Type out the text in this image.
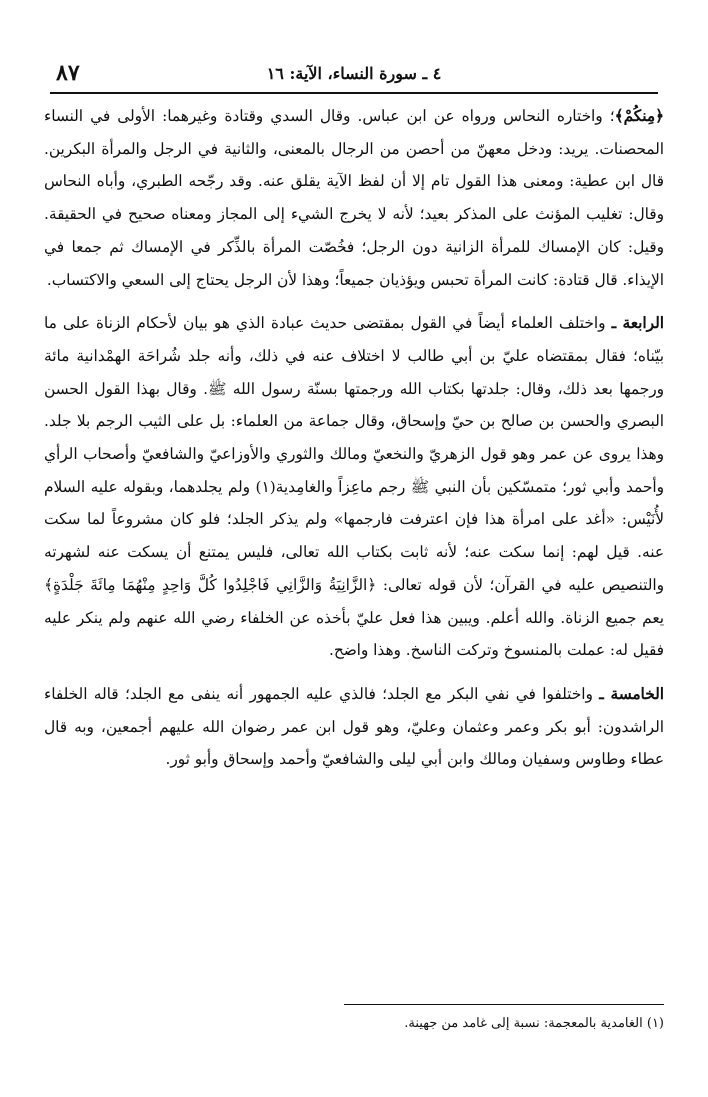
٤ ـ سورة النساء، الآية: ١٦
٨٧

﴿مِنكُمْ﴾؛ واختاره النحاس ورواه عن ابن عباس. وقال السدي وقتادة وغيرهما: الأولى في النساء المحصنات. يريد: ودخل معهنّ من أحصن من الرجال بالمعنى، والثانية في الرجل والمرأة البكرين. قال ابن عطية: ومعنى هذا القول تام إلا أن لفظ الآية يقلق عنه. وقد رجّحه الطبري، وأباه النحاس وقال: تغليب المؤنث على المذكر بعيد؛ لأنه لا يخرج الشيء إلى المجاز ومعناه صحيح في الحقيقة. وقيل: كان الإمساك للمرأة الزانية دون الرجل؛ فخُصّت المرأة بالذِّكر في الإمساك ثم جمعا في الإيذاء. قال قتادة: كانت المرأة تحبس ويؤذيان جميعاً؛ وهذا لأن الرجل يحتاج إلى السعي والاكتساب.

الرابعة ـ واختلف العلماء أيضاً في القول بمقتضى حديث عبادة الذي هو بيان لأحكام الزناة على ما بيّناه؛ فقال بمقتضاه عليّ بن أبي طالب لا اختلاف عنه في ذلك، وأنه جلد شُراحَة الهمْدانية مائة ورجمها بعد ذلك، وقال: جلدتها بكتاب الله ورجمتها بسنّة رسول الله ﷺ. وقال بهذا القول الحسن البصري والحسن بن صالح بن حيّ وإسحاق، وقال جماعة من العلماء: بل على الثيب الرجم بلا جلد. وهذا يروى عن عمر وهو قول الزهريّ والنخعيّ ومالك والثوري والأوزاعيّ والشافعيّ وأصحاب الرأي وأحمد وأبي ثور؛ متمسّكين بأن النبي ﷺ رجم ماعِزاً والغامِدية(١) ولم يجلدهما، وبقوله عليه السلام لأُنَيْس: «أغد على امرأة هذا فإن اعترفت فارجمها» ولم يذكر الجلد؛ فلو كان مشروعاً لما سكت عنه. قيل لهم: إنما سكت عنه؛ لأنه ثابت بكتاب الله تعالى، فليس يمتنع أن يسكت عنه لشهرته والتنصيص عليه في القرآن؛ لأن قوله تعالى: ﴿الزَّانِيَةُ وَالزَّانِي فَاجْلِدُوا كُلَّ وَاحِدٍ مِنْهُمَا مِائَةَ جَلْدَةٍ﴾ يعم جميع الزناة. والله أعلم. ويبين هذا فعل عليّ بأخذه عن الخلفاء رضي الله عنهم ولم ينكر عليه فقيل له: عملت بالمنسوخ وتركت الناسخ. وهذا واضح.

الخامسة ـ واختلفوا في نفي البكر مع الجلد؛ فالذي عليه الجمهور أنه ينفى مع الجلد؛ قاله الخلفاء الراشدون: أبو بكر وعمر وعثمان وعليّ، وهو قول ابن عمر رضوان الله عليهم أجمعين، وبه قال عطاء وطاوس وسفيان ومالك وابن أبي ليلى والشافعيّ وأحمد وإسحاق وأبو ثور.

(١) الغامدية بالمعجمة: نسبة إلى غامد من جهينة.
